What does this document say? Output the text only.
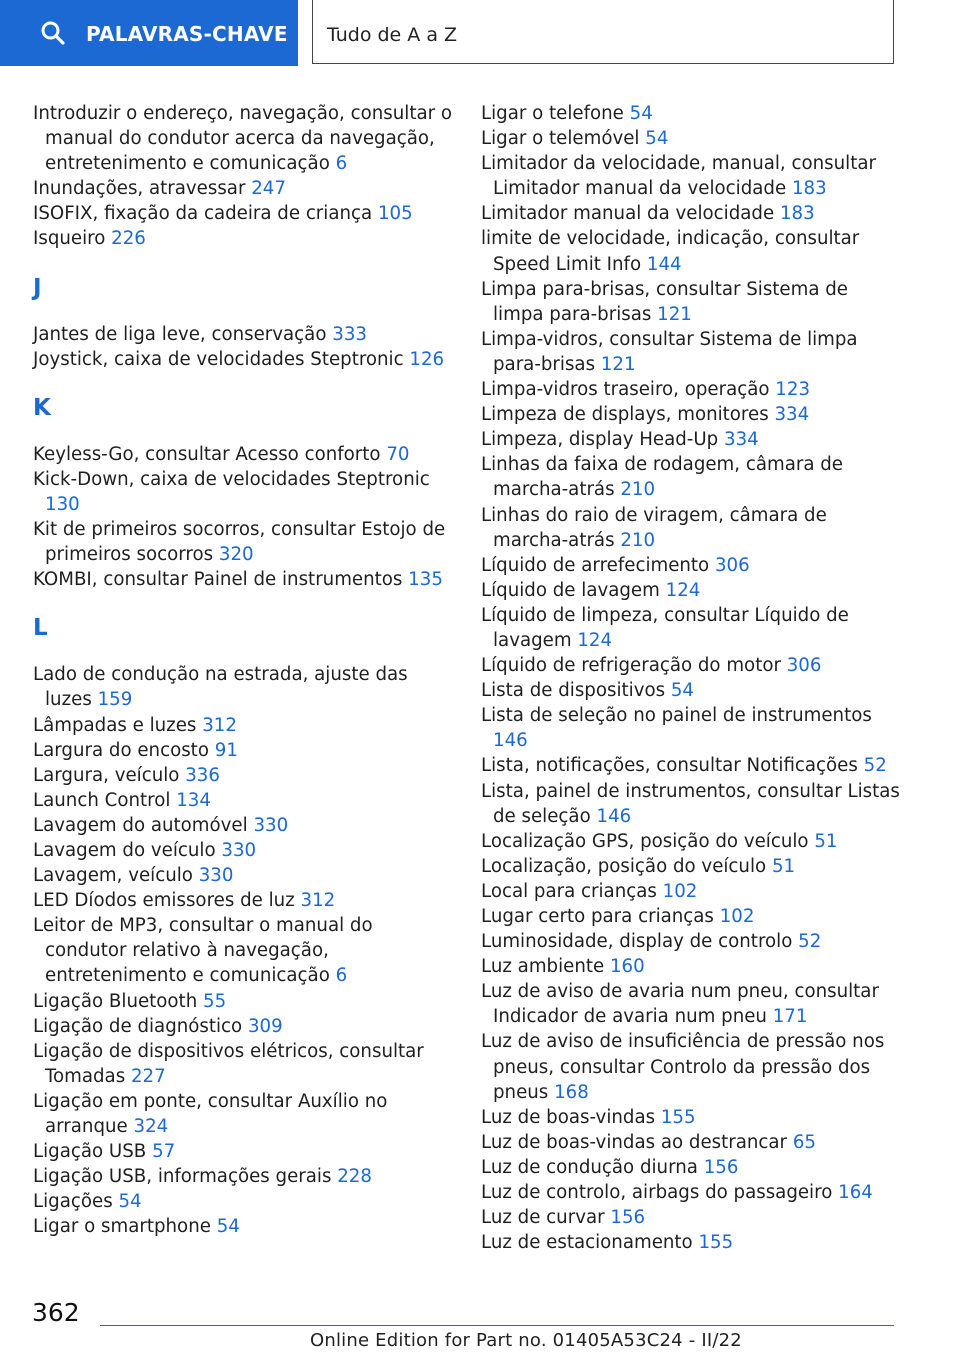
PALAVRAS-CHAVE Tudo de A a Z
Introduzir o endereço, navegação, consultar o manual do condutor acerca da navegação, entretenimento e comunicação 6
Inundações, atravessar 247
ISOFIX, fixação da cadeira de criança 105
Isqueiro 226
J
Jantes de liga leve, conservação 333
Joystick, caixa de velocidades Steptronic 126
K
Keyless-Go, consultar Acesso conforto 70
Kick-Down, caixa de velocidades Steptronic 130
Kit de primeiros socorros, consultar Estojo de primeiros socorros 320
KOMBI, consultar Painel de instrumentos 135
L
Lado de condução na estrada, ajuste das luzes 159
Lâmpadas e luzes 312
Largura do encosto 91
Largura, veículo 336
Launch Control 134
Lavagem do automóvel 330
Lavagem do veículo 330
Lavagem, veículo 330
LED Díodos emissores de luz 312
Leitor de MP3, consultar o manual do condutor relativo à navegação, entretenimento e comunicação 6
Ligação Bluetooth 55
Ligação de diagnóstico 309
Ligação de dispositivos elétricos, consultar Tomadas 227
Ligação em ponte, consultar Auxílio no arranque 324
Ligação USB 57
Ligação USB, informações gerais 228
Ligações 54
Ligar o smartphone 54
Ligar o telefone 54
Ligar o telemóvel 54
Limitador da velocidade, manual, consultar Limitador manual da velocidade 183
Limitador manual da velocidade 183
limite de velocidade, indicação, consultar Speed Limit Info 144
Limpa para-brisas, consultar Sistema de limpa para-brisas 121
Limpa-vidros, consultar Sistema de limpa para-brisas 121
Limpa-vidros traseiro, operação 123
Limpeza de displays, monitores 334
Limpeza, display Head-Up 334
Linhas da faixa de rodagem, câmara de marcha-atrás 210
Linhas do raio de viragem, câmara de marcha-atrás 210
Líquido de arrefecimento 306
Líquido de lavagem 124
Líquido de limpeza, consultar Líquido de lavagem 124
Líquido de refrigeração do motor 306
Lista de dispositivos 54
Lista de seleção no painel de instrumentos 146
Lista, notificações, consultar Notificações 52
Lista, painel de instrumentos, consultar Listas de seleção 146
Localização GPS, posição do veículo 51
Localização, posição do veículo 51
Local para crianças 102
Lugar certo para crianças 102
Luminosidade, display de controlo 52
Luz ambiente 160
Luz de aviso de avaria num pneu, consultar Indicador de avaria num pneu 171
Luz de aviso de insuficiência de pressão nos pneus, consultar Controlo da pressão dos pneus 168
Luz de boas-vindas 155
Luz de boas-vindas ao destrancar 65
Luz de condução diurna 156
Luz de controlo, airbags do passageiro 164
Luz de curvar 156
Luz de estacionamento 155
362
Online Edition for Part no. 01405A53C24 - II/22
